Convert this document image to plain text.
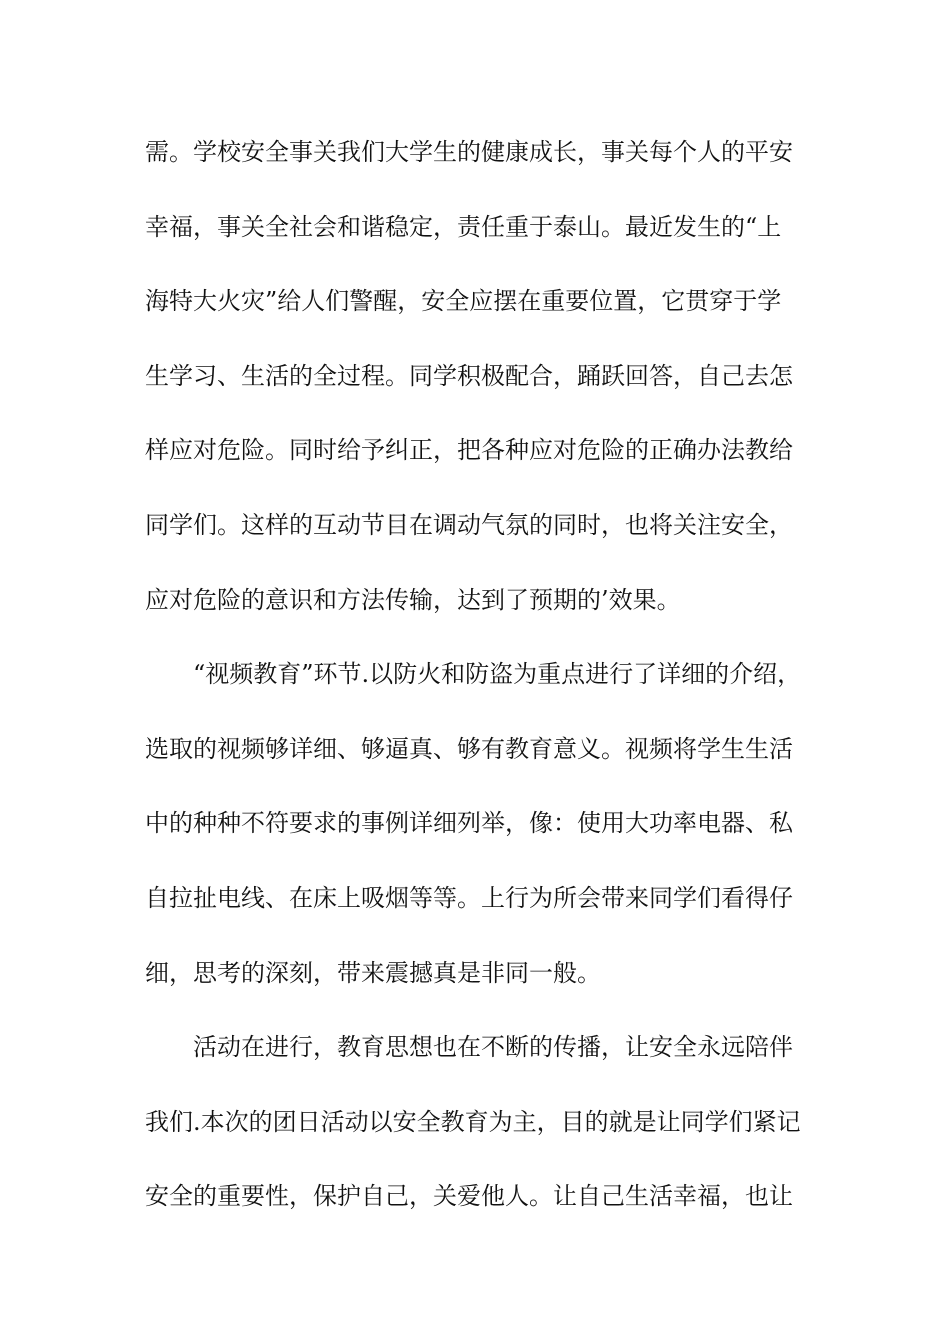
需。学校安全事关我们大学生的健康成长，事关每个人的平安
幸福，事关全社会和谐稳定，责任重于泰山。最近发生的“上
海特大火灾”给人们警醒，安全应摆在重要位置，它贯穿于学
生学习、生活的全过程。同学积极配合，踊跃回答，自己去怎
样应对危险。同时给予纠正，把各种应对危险的正确办法教给
同学们。这样的互动节目在调动气氛的同时，也将关注安全，
应对危险的意识和方法传输，达到了预期的’效果。
“视频教育”环节.以防火和防盗为重点进行了详细的介绍，
选取的视频够详细、够逼真、够有教育意义。视频将学生生活
中的种种不符要求的事例详细列举，像：使用大功率电器、私
自拉扯电线、在床上吸烟等等。上行为所会带来同学们看得仔
细，思考的深刻，带来震撼真是非同一般。
活动在进行，教育思想也在不断的传播，让安全永远陪伴
我们.本次的团日活动以安全教育为主，目的就是让同学们紧记
安全的重要性，保护自己，关爱他人。让自己生活幸福，也让
